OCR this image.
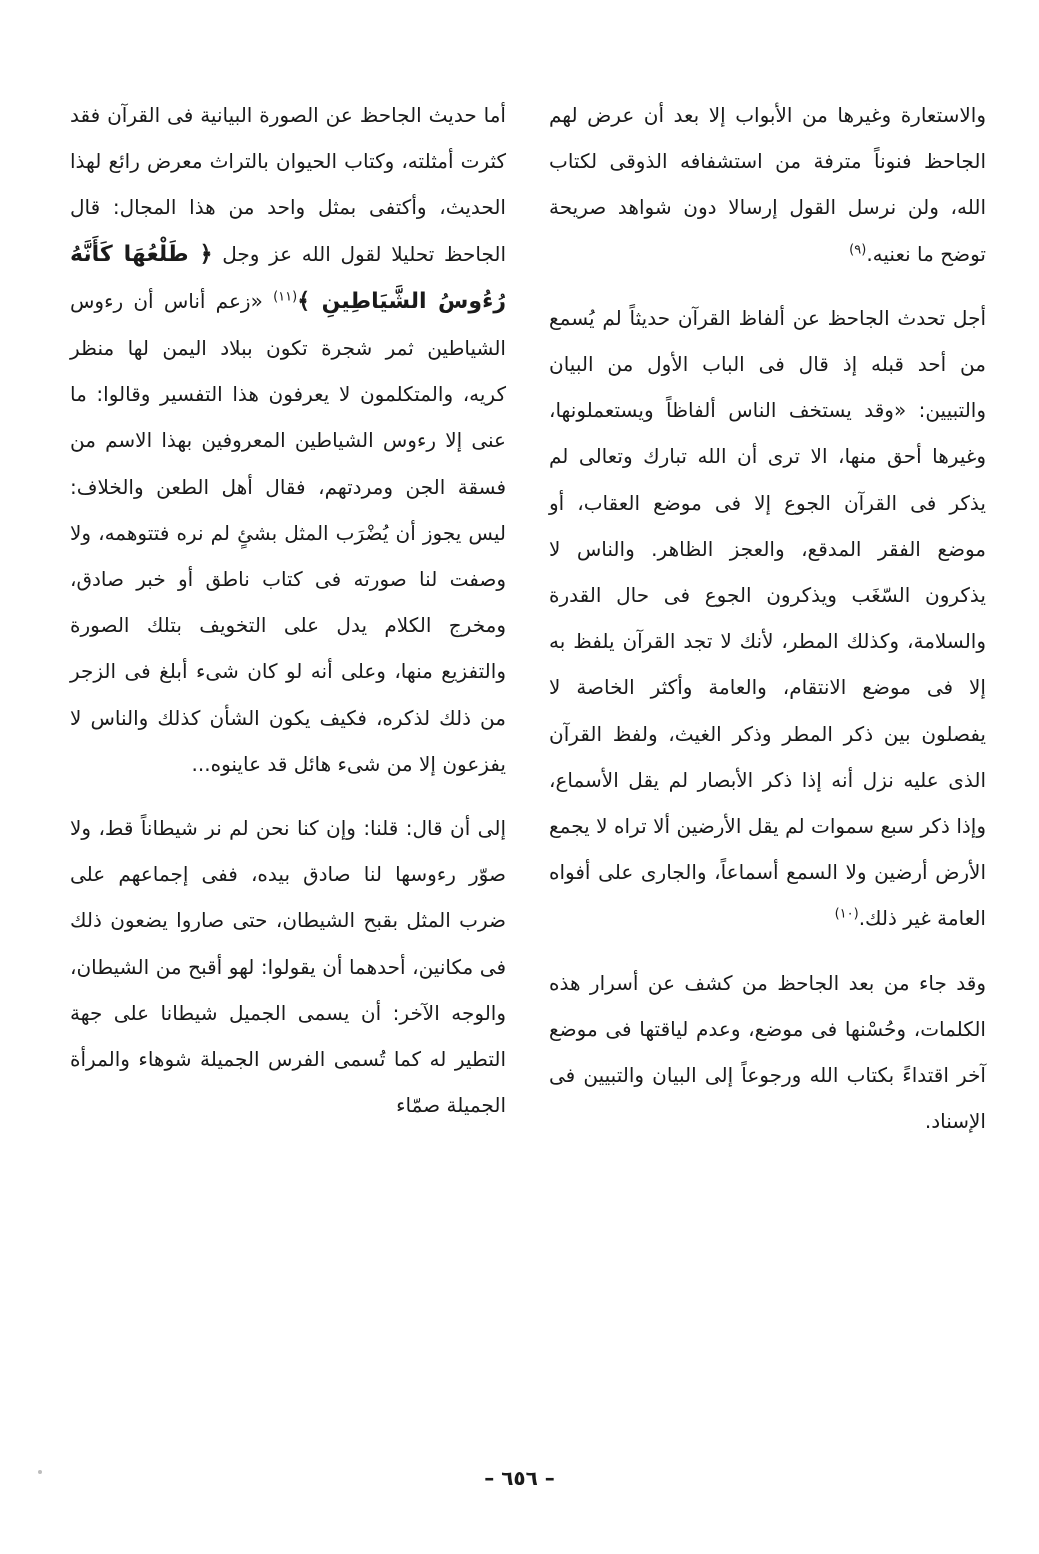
والاستعارة وغيرها من الأبواب إلا بعد أن عرض لهم الجاحظ فنوناً مترفة من استشفافه الذوقى لكتاب الله، ولن نرسل القول إرسالا دون شواهد صريحة توضح ما نعنيه.$^{(٩)}$

أجل تحدث الجاحظ عن ألفاظ القرآن حديثاً لم يُسمع من أحد قبله إذ قال فى الباب الأول من البيان والتبيين: «وقد يستخف الناس ألفاظاً ويستعملونها، وغيرها أحق منها، الا ترى أن الله تبارك وتعالى لم يذكر فى القرآن الجوع إلا فى موضع العقاب، أو موضع الفقر المدقع، والعجز الظاهر. والناس لا يذكرون السّغَب ويذكرون الجوع فى حال القدرة والسلامة، وكذلك المطر، لأنك لا تجد القرآن يلفظ به إلا فى موضع الانتقام، والعامة وأكثر الخاصة لا يفصلون بين ذكر المطر وذكر الغيث، ولفظ القرآن الذى عليه نزل أنه إذا ذكر الأبصار لم يقل الأسماع، وإذا ذكر سبع سموات لم يقل الأرضين ألا تراه لا يجمع الأرض أرضين ولا السمع أسماعاً، والجارى على أفواه العامة غير ذلك.$^{(١٠)}$

وقد جاء من بعد الجاحظ من كشف عن أسرار هذه الكلمات، وحُسْنها فى موضع، وعدم لياقتها فى موضع آخر اقتداءً بكتاب الله ورجوعاً إلى البيان والتبيين فى الإسناد.

أما حديث الجاحظ عن الصورة البيانية فى القرآن فقد كثرت أمثلته، وكتاب الحيوان بالتراث معرض رائع لهذا الحديث، وأكتفى بمثل واحد من هذا المجال: قال الجاحظ تحليلا لقول الله عز وجل ﴿ طَلْعُهَا كَأَنَّهُ رُءُوسُ الشَّيَاطِينِ ﴾$^{(١١)}$ «زعم أناس أن رءوس الشياطين ثمر شجرة تكون ببلاد اليمن لها منظر كريه، والمتكلمون لا يعرفون هذا التفسير وقالوا: ما عنى إلا رءوس الشياطين المعروفين بهذا الاسم من فسقة الجن ومردتهم، فقال أهل الطعن والخلاف: ليس يجوز أن يُضْرَب المثل بشئٍ لم نره فتتوهمه، ولا وصفت لنا صورته فى كتاب ناطق أو خبر صادق، ومخرج الكلام يدل على التخويف بتلك الصورة والتفزيع منها، وعلى أنه لو كان شىء أبلغ فى الزجر من ذلك لذكره، فكيف يكون الشأن كذلك والناس لا يفزعون إلا من شىء هائل قد عاينوه...

إلى أن قال: قلنا: وإن كنا نحن لم نر شيطاناً قط، ولا صوّر رءوسها لنا صادق بيده، ففى إجماعهم على ضرب المثل بقبح الشيطان، حتى صاروا يضعون ذلك فى مكانين، أحدهما أن يقولوا: لهو أقبح من الشيطان، والوجه الآخر: أن يسمى الجميل شيطانا على جهة التطير له كما تُسمى الفرس الجميلة شوهاء والمرأة الجميلة صمّاء

– ٦٥٦ –
